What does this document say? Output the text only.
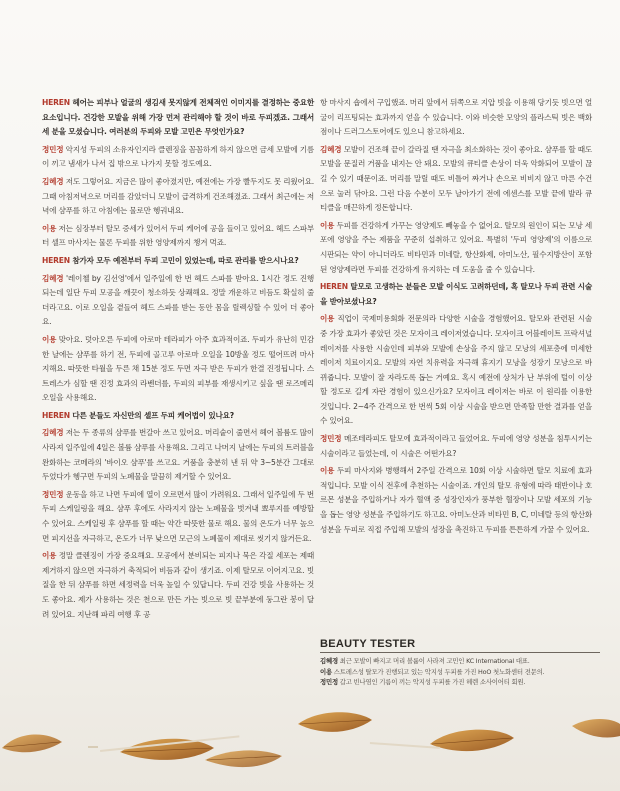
HEREN 헤어는 피부나 얼굴의 생김새 못지않게 전체적인 이미지를 결정하는 중요한 요소입니다. 건강한 모발을 위해 가장 먼저 관리해야 할 것이 바로 두피겠죠. 그래서 세 분을 모셨습니다. 여러분의 두피와 모발 고민은 무엇인가요?

정민정 악지성 두피의 소유자인지라 클렌징을 꼼꼼하게 하지 않으면 금세 모발에 기름이 끼고 냄새가 나서 집 밖으로 나가지 못할 정도예요.

김혜경 저도 그렇어요. 지금은 많이 좋아졌지만, 예전에는 가장 빨두지도 못 리웠어요. 그때 아침저녁으로 머리를 감았더니 모발이 급격하게 건조해졌죠. 그래서 최근에는 저녁에 샴푸를 하고 아침에는 물로만 헹궈내요.

이용 저는 심장부터 탈모 증세가 있어서 두피 케어에 공을 들이고 있어요. 헤드 스파부터 셀프 마사지는 물론 두피를 위한 영양제까지 챙겨 먹죠.

HEREN 참가자 모두 예전부터 두피 고민이 있었는데, 따로 관리를 받으시나요?

김혜경 '레이첼 by 김선영'에서 일주일에 한 번 헤드 스파를 받아요. 1시간 정도 진행되는데 일단 두피 모공을 깨끗이 청소하듯 상쾌해요. 정말 개운하고 비듬도 확실히 줄더라고요. 이로 오일을 곁들여 헤드 스파를 받는 동안 몸을 릴렉싱할 수 있어 더 좋아요.

이용 맞아요. 덧아오른 두피에 아로마 테라피가 아주 효과적이죠. 두피가 유난히 민감한 날에는 샴푸를 하기 전, 두피에 골고루 아로마 오일을 10방울 정도 떨어뜨려 마사지해요. 따뜻한 타월을 두른 채 15분 정도 두면 자극 받은 두피가 한결 진정됩니다. 스트레스가 심할 땐 진정 효과의 라벤더를, 두피의 피부를 재생시키고 싶을 땐 로즈메리 오일을 사용해요.

HEREN 다른 분들도 자신만의 셀프 두피 케어법이 있나요?

김혜경 저는 두 종류의 샴푸를 번갈아 쓰고 있어요. 머리숱이 줄면서 헤어 볼륨도 많이 사라져 일주일에 4일은 볼륨 샴푸를 사용해요. 그리고 나머지 날에는 두피의 트러블을 완화하는 코메라의 '바이오 샴푸'를 쓰고요. 거품을 충분히 낸 뒤 약 3~5분간 그대로 두었다가 헹구면 두피의 노폐물을 말끔히 제거할 수 있어요.

정민정 운동을 하고 나면 두피에 열이 오르면서 많이 가려워요. 그래서 일주일에 두 번 두피 스케일링을 해요. 샴푸 후에도 사라지지 않는 노폐물을 벗겨내 뾰루지를 예방할 수 있어요. 스케일링 후 샴푸를 할 때는 약간 따뜻한 물로 해요. 물의 온도가 너무 높으면 피지선을 자극하고, 온도가 너무 낮으면 모근의 노폐물이 제대로 씻기지 않거든요.

이용 정말 클렌징이 가장 중요해요. 모공에서 분비되는 피지나 묵은 각질 세포는 제때 제거하지 않으면 자극하거 축적되어 비듬과 같이 생기죠. 이제 탈모로 이어지고요. 빗질을 한 뒤 샴푸를 하면 세정력을 더욱 높일 수 있답니다. 두피 건강 빗을 사용하는 것도 좋아요. 제가 사용하는 것은 천으로 만든 가는 빗으로 빗 끝부분에 둥그란 봉이 달려 있어요. 지난해 파리 여행 후 공

항 마사지 숍에서 구입했죠. 머리 앞에서 뒤쪽으로 지압 빗을 이용해 당기듯 빗으면 얼굴이 리프팅되는 효과까지 얻을 수 있습니다. 이와 비슷한 모양의 플라스틱 빗은 백화점이나 드러그스토어에도 있으니 참고하세요.

김혜경 모발이 건조해 끝이 갈라질 땐 자극을 최소화하는 것이 좋아요. 샴푸를 할 때도 모발을 문질러 거품을 내지는 안 돼요. 모발의 큐티클 손상이 더욱 악화되어 모발이 끊길 수 있기 때문이죠. 머리를 말릴 때도 비틀어 짜거나 손으로 비비지 않고 마른 수건으로 눌러 닦아요. 그런 다음 수분이 모두 날아가기 전에 에센스를 모발 끝에 발라 큐티클을 매끈하게 정돈합니다.

이용 두피를 건강하게 가꾸는 영양제도 빼놓을 수 없어요. 탈모의 원인이 되는 모낭 세포에 영양을 주는 제품을 꾸준히 섭취하고 있어요. 특별히 '두피 영양제'의 이름으로 시판되는 약이 아니더라도 비타민과 미네랄, 항산화제, 아미노산, 필수지방산이 포함된 영양제라면 두피를 건강하게 유지하는 데 도움을 줄 수 있습니다.

HEREN 탈모로 고생하는 분들은 모발 이식도 고려하던데, 혹 탈모나 두피 관련 시술을 받아보셨나요?

이용 직업이 국제미용회화 전문의라 다양한 시술을 경험했어요. 탈모와 관련된 시술 중 가장 효과가 좋았던 것은 모자이크 레이저였습니다. 모자이크 어블레이트 프락셔널 레이저를 사용한 시술인데 피부와 모발에 손상을 주지 않고 모낭의 세포층에 미세한 레이저 치료이지요. 모발의 자연 치유력을 자극해 휴지기 모낭을 성장기 모낭으로 바뀌줍니다. 모발이 잘 자라도록 돕는 거예요. 혹시 예전에 상처가 난 부위에 털이 이상할 정도로 길게 자란 경험이 있으신가요? 모자이크 레이저는 바로 이 원리를 이용한 것입니다. 2~4주 간격으로 한 번씩 5회 이상 시술을 받으면 만족할 만한 결과를 얻을 수 있어요.

정민정 메조테라피도 탈모에 효과적이라고 들었어요. 두피에 영양 성분을 침투시키는 시술이라고 들었는데, 이 시술은 어떤가요?

이용 두피 마사지와 병행해서 2주일 간격으로 10회 이상 시술하면 탈모 치료에 효과적입니다. 모발 이식 전후에 추천하는 시술이죠. 개인의 탈모 유형에 따라 태반이나 호르몬 성분을 주입하거나 자가 혈액 중 성장인자가 풍부한 혈장이나 모발 세포의 기능을 돕는 영양 성분을 주입하기도 하고요. 아미노산과 비타민 B, C, 미네랄 등의 항산화 성분을 두피로 직접 주입해 모발의 성장을 촉진하고 두피를 튼튼하게 가꿀 수 있어요.

BEAUTY TESTER
김혜경 최근 모발이 빠지고 머리 볼륨이 사라져 고민인 KC International 대표.
이용 스트레스성 탈모가 진행되고 있는 악지성 두피를 가진 HoO 첫노화센터 전문의.
정민정 갑고 빈나염인 기름이 끼는 악지성 두피를 가진 헤렌 소사이어티 회원.
